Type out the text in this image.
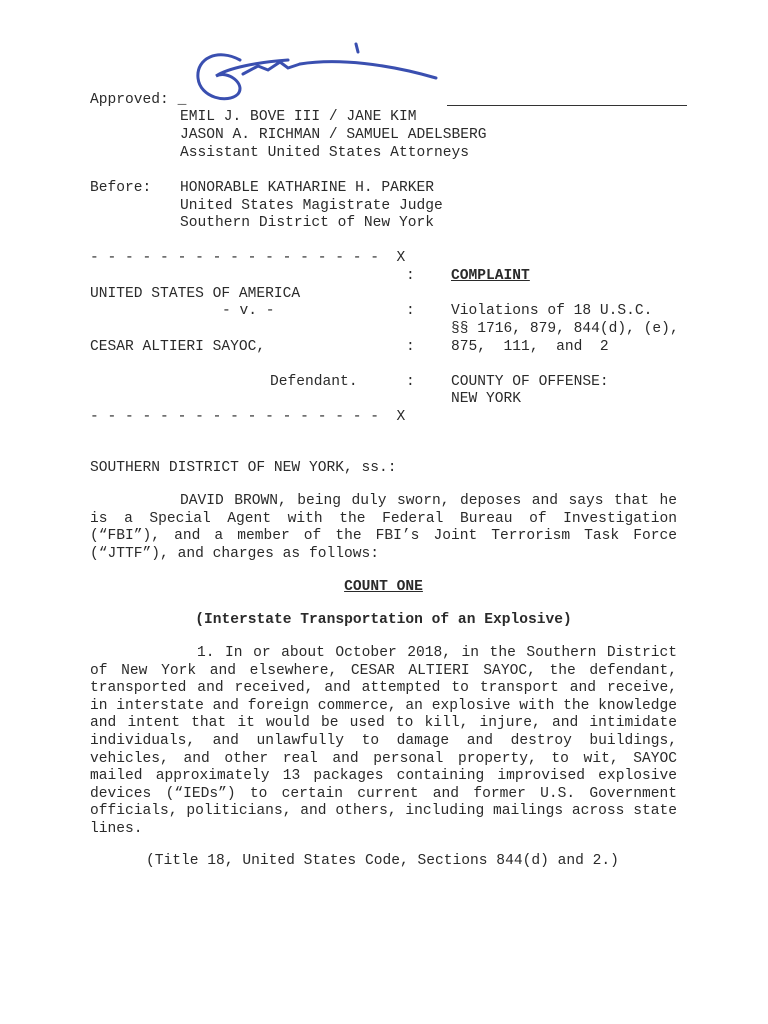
Approved: _
EMIL J. BOVE III / JANE KIM
JASON A. RICHMAN / SAMUEL ADELSBERG
Assistant United States Attorneys
Before: HONORABLE KATHARINE H. PARKER
United States Magistrate Judge
Southern District of New York
- - - - - - - - - - - - - - - - -  X
: COMPLAINT
UNITED STATES OF AMERICA
- v. -	: Violations of 18 U.S.C.
§§ 1716, 879, 844(d), (e),
CESAR ALTIERI SAYOC,	: 875,  111,  and  2
Defendant.	: COUNTY OF OFFENSE:
NEW YORK
- - - - - - - - - - - - - - - - -  X
SOUTHERN DISTRICT OF NEW YORK, ss.:
DAVID BROWN, being duly sworn, deposes and says that he is a Special Agent with the Federal Bureau of Investigation (“FBI”), and a member of the FBI’s Joint Terrorism Task Force (“JTTF”), and charges as follows:
COUNT ONE
(Interstate Transportation of an Explosive)
1. In or about October 2018, in the Southern District of New York and elsewhere, CESAR ALTIERI SAYOC, the defendant, transported and received, and attempted to transport and receive, in interstate and foreign commerce, an explosive with the knowledge and intent that it would be used to kill, injure, and intimidate individuals, and unlawfully to damage and destroy buildings, vehicles, and other real and personal property, to wit, SAYOC mailed approximately 13 packages containing improvised explosive devices (“IEDs”) to certain current and former U.S. Government officials, politicians, and others, including mailings across state lines.
(Title 18, United States Code, Sections 844(d) and 2.)
